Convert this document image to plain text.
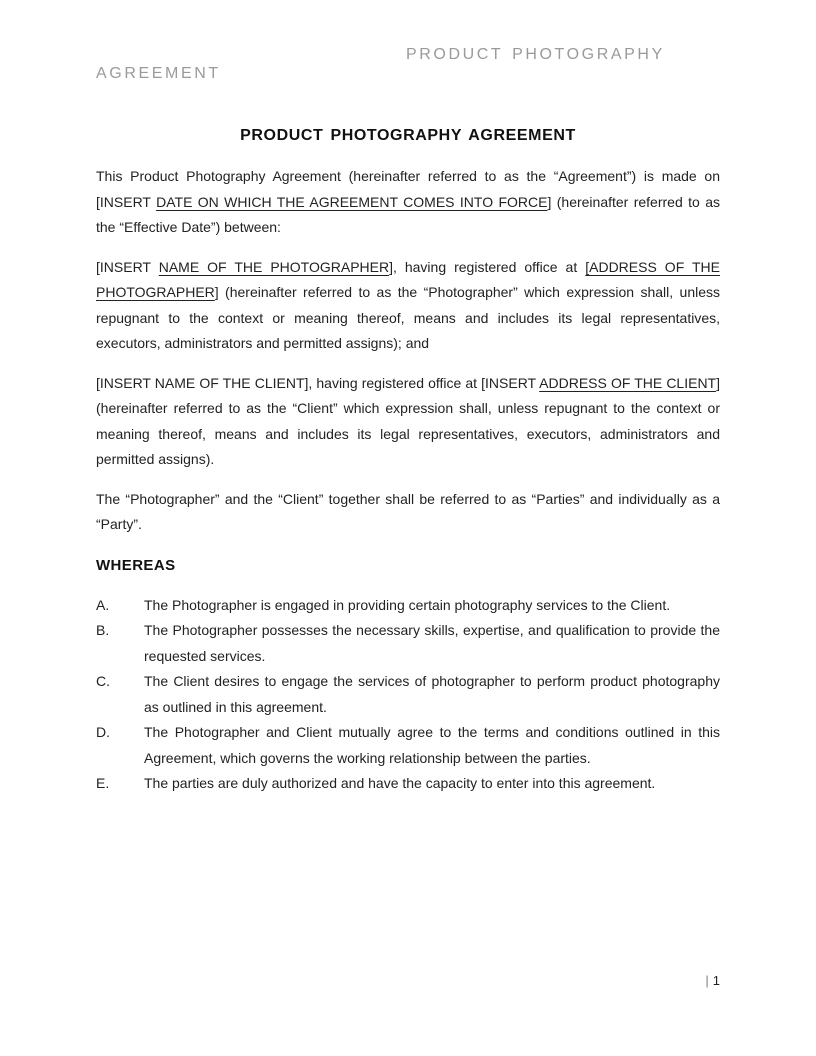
PRODUCT PHOTOGRAPHY AGREEMENT
PRODUCT PHOTOGRAPHY AGREEMENT

This Product Photography Agreement (hereinafter referred to as the “Agreement”) is made on [INSERT DATE ON WHICH THE AGREEMENT COMES INTO FORCE] (hereinafter referred to as the “Effective Date”) between:

[INSERT NAME OF THE PHOTOGRAPHER], having registered office at [ADDRESS OF THE PHOTOGRAPHER] (hereinafter referred to as the “Photographer” which expression shall, unless repugnant to the context or meaning thereof, means and includes its legal representatives, executors, administrators and permitted assigns); and

[INSERT NAME OF THE CLIENT], having registered office at [INSERT ADDRESS OF THE CLIENT] (hereinafter referred to as the “Client” which expression shall, unless repugnant to the context or meaning thereof, means and includes its legal representatives, executors, administrators and permitted assigns).

The “Photographer” and the “Client” together shall be referred to as “Parties” and individually as a “Party”.

WHEREAS
A.	The Photographer is engaged in providing certain photography services to the Client.
B.	The Photographer possesses the necessary skills, expertise, and qualification to provide the requested services.
C.	The Client desires to engage the services of photographer to perform product photography as outlined in this agreement.
D.	The Photographer and Client mutually agree to the terms and conditions outlined in this Agreement, which governs the working relationship between the parties.
E.	The parties are duly authorized and have the capacity to enter into this agreement.
| 1
